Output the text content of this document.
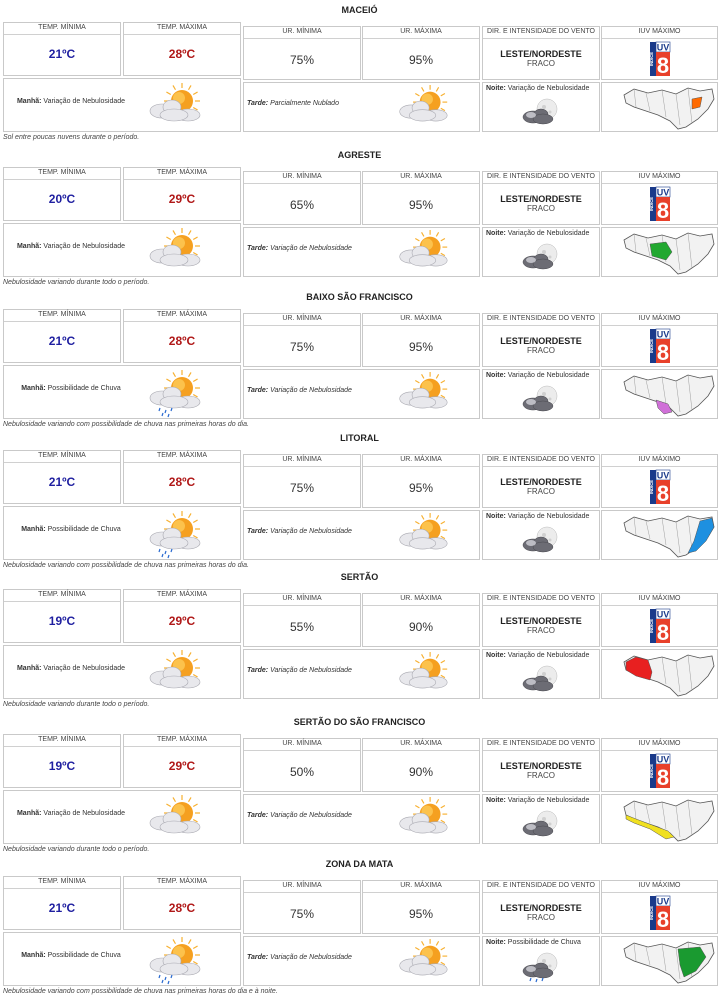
MACEIÓ
TEMP. MÍNIMA
21ºC
TEMP. MÁXIMA
28ºC
UR. MÍNIMA
75%
UR. MÁXIMA
95%
DIR. E INTENSIDADE DO VENTO
LESTE/NORDESTE
FRACO
IUV MÁXIMO
INDICE
UV
8
Manhã: Variação de Nebulosidade	Tarde: Parcialmente Nublado
Noite: Variação de Nebulosidade
Sol entre poucas nuvens durante o período.
AGRESTE
TEMP. MÍNIMA
20ºC
TEMP. MÁXIMA
29ºC
UR. MÍNIMA
65%
UR. MÁXIMA
95%
DIR. E INTENSIDADE DO VENTO
LESTE/NORDESTE
FRACO
IUV MÁXIMO
INDICE
UV
8
Manhã: Variação de Nebulosidade	Tarde: Variação de Nebulosidade
Noite: Variação de Nebulosidade
Nebulosidade variando durante todo o período.
BAIXO SÃO FRANCISCO
TEMP. MÍNIMA
21ºC
TEMP. MÁXIMA
28ºC
UR. MÍNIMA
75%
UR. MÁXIMA
95%
DIR. E INTENSIDADE DO VENTO
LESTE/NORDESTE
FRACO
IUV MÁXIMO
INDICE
UV
8
Manhã: Possibilidade de Chuva	Tarde: Variação de Nebulosidade
Noite: Variação de Nebulosidade
Nebulosidade variando com possibilidade de chuva nas primeiras horas do dia.
LITORAL
TEMP. MÍNIMA
21ºC
TEMP. MÁXIMA
28ºC
UR. MÍNIMA
75%
UR. MÁXIMA
95%
DIR. E INTENSIDADE DO VENTO
LESTE/NORDESTE
FRACO
IUV MÁXIMO
INDICE
UV
8
Manhã: Possibilidade de Chuva	Tarde: Variação de Nebulosidade
Noite: Variação de Nebulosidade
Nebulosidade variando com possibilidade de chuva nas primeiras horas do dia.
SERTÃO
TEMP. MÍNIMA
19ºC
TEMP. MÁXIMA
29ºC
UR. MÍNIMA
55%
UR. MÁXIMA
90%
DIR. E INTENSIDADE DO VENTO
LESTE/NORDESTE
FRACO
IUV MÁXIMO
INDICE
UV
8
Manhã: Variação de Nebulosidade	Tarde: Variação de Nebulosidade
Noite: Variação de Nebulosidade
Nebulosidade variando durante todo o período.
SERTÃO DO SÃO FRANCISCO
TEMP. MÍNIMA
19ºC
TEMP. MÁXIMA
29ºC
UR. MÍNIMA
50%
UR. MÁXIMA
90%
DIR. E INTENSIDADE DO VENTO
LESTE/NORDESTE
FRACO
IUV MÁXIMO
INDICE
UV
8
Manhã: Variação de Nebulosidade	Tarde: Variação de Nebulosidade
Noite: Variação de Nebulosidade
Nebulosidade variando durante todo o período.
ZONA DA MATA
TEMP. MÍNIMA
21ºC
TEMP. MÁXIMA
28ºC
UR. MÍNIMA
75%
UR. MÁXIMA
95%
DIR. E INTENSIDADE DO VENTO
LESTE/NORDESTE
FRACO
IUV MÁXIMO
INDICE
UV
8
Manhã: Possibilidade de Chuva	Tarde: Variação de Nebulosidade
Noite: Possibilidade de Chuva
Nebulosidade variando com possibilidade de chuva nas primeiras horas do dia e à noite.
